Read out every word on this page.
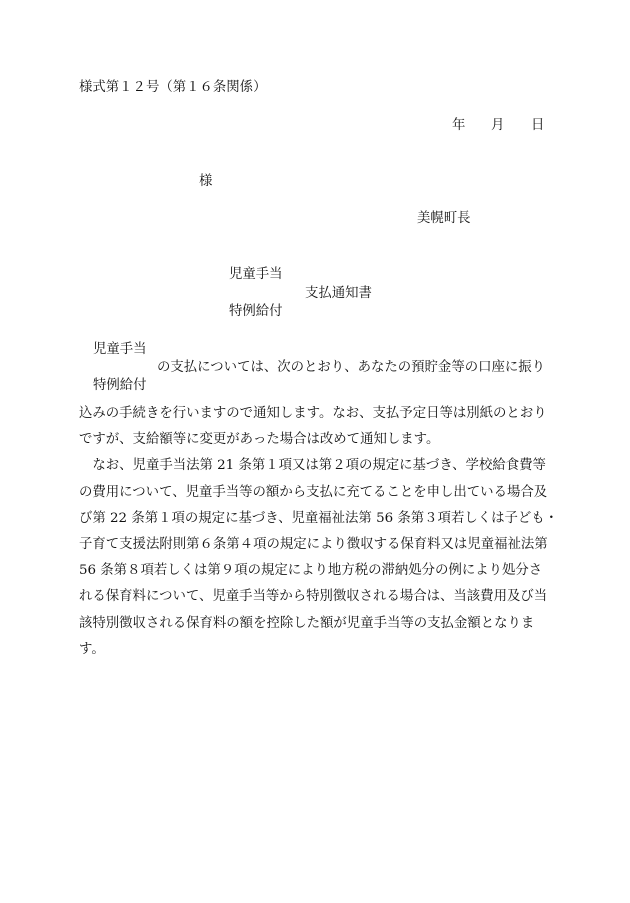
様式第１２号（第１６条関係）
年 月 日
様
美幌町長
児童手当
支払通知書
特例給付
児童手当
の支払については、次のとおり、あなたの預貯金等の口座に振り
特例給付
込みの手続きを行いますので通知します。なお、支払予定日等は別紙のとおり
ですが、支給額等に変更があった場合は改めて通知します。
　なお、児童手当法第 21 条第１項又は第２項の規定に基づき、学校給食費等
の費用について、児童手当等の額から支払に充てることを申し出ている場合及
び第 22 条第１項の規定に基づき、児童福祉法第 56 条第３項若しくは子ども・
子育て支援法附則第６条第４項の規定により徴収する保育料又は児童福祉法第
56 条第８項若しくは第９項の規定により地方税の滞納処分の例により処分さ
れる保育料について、児童手当等から特別徴収される場合は、当該費用及び当
該特別徴収される保育料の額を控除した額が児童手当等の支払金額となりま
す。
